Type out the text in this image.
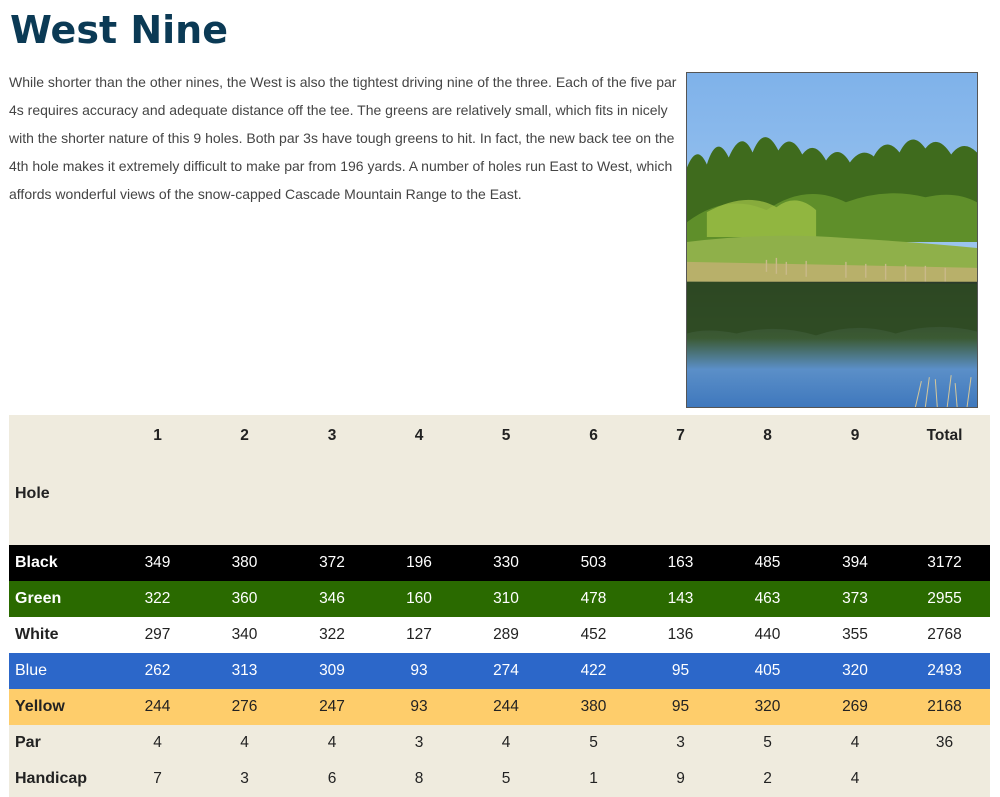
West Nine

While shorter than the other nines, the West is also the tightest driving nine of the three. Each of the five par 4s requires accuracy and adequate distance off the tee. The greens are relatively small, which fits in nicely with the shorter nature of this 9 holes. Both par 3s have tough greens to hit. In fact, the new back tee on the 4th hole makes it extremely difficult to make par from 196 yards. A number of holes run East to West, which affords wonderful views of the snow-capped Cascade Mountain Range to the East.

Hole	1	2	3	4	5	6	7	8	9	Total
Black	349	380	372	196	330	503	163	485	394	3172
Green	322	360	346	160	310	478	143	463	373	2955
White	297	340	322	127	289	452	136	440	355	2768
Blue	262	313	309	93	274	422	95	405	320	2493
Yellow	244	276	247	93	244	380	95	320	269	2168
Par	4	4	4	3	4	5	3	5	4	36
Handicap	7	3	6	8	5	1	9	2	4	
